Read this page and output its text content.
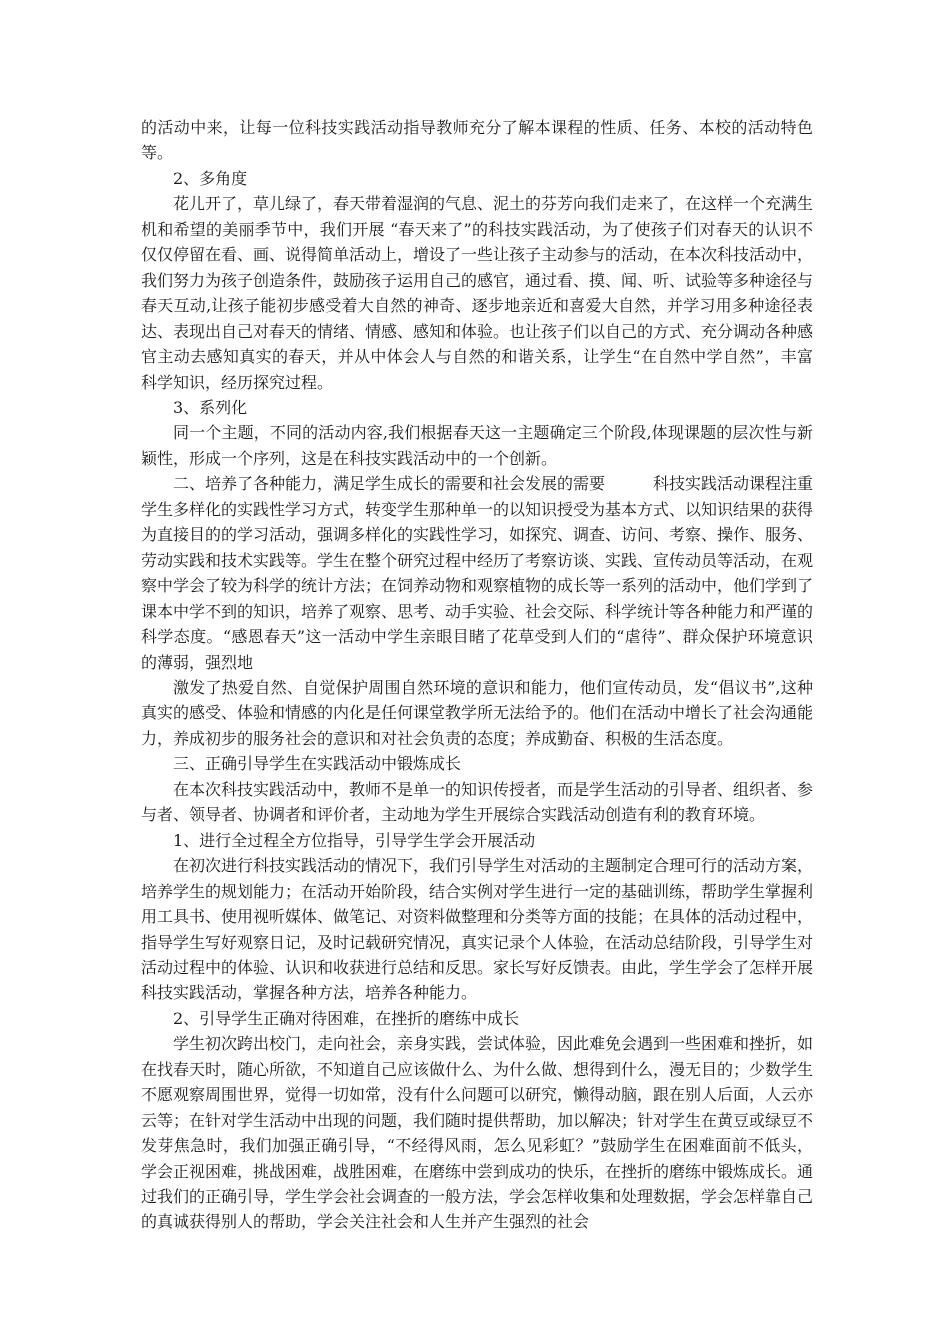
的活动中来，让每一位科技实践活动指导教师充分了解本课程的性质、任务、本校的活动特色等。

2、多角度

花儿开了，草儿绿了，春天带着湿润的气息、泥土的芬芳向我们走来了，在这样一个充满生机和希望的美丽季节中，我们开展 “春天来了”的科技实践活动，为了使孩子们对春天的认识不仅仅停留在看、画、说得简单活动上，增设了一些让孩子主动参与的活动，在本次科技活动中，我们努力为孩子创造条件，鼓励孩子运用自己的感官，通过看、摸、闻、听、试验等多种途径与春天互动,让孩子能初步感受着大自然的神奇、逐步地亲近和喜爱大自然，并学习用多种途径表达、表现出自己对春天的情绪、情感、感知和体验。也让孩子们以自己的方式、充分调动各种感官主动去感知真实的春天，并从中体会人与自然的和谐关系，让学生“在自然中学自然”，丰富科学知识，经历探究过程。

3、系列化

同一个主题，不同的活动内容,我们根据春天这一主题确定三个阶段,体现课题的层次性与新颖性，形成一个序列，这是在科技实践活动中的一个创新。

二、培养了各种能力，满足学生成长的需要和社会发展的需要　　　科技实践活动课程注重学生多样化的实践性学习方式，转变学生那种单一的以知识授受为基本方式、以知识结果的获得为直接目的的学习活动，强调多样化的实践性学习，如探究、调查、访问、考察、操作、服务、劳动实践和技术实践等。学生在整个研究过程中经历了考察访谈、实践、宣传动员等活动，在观察中学会了较为科学的统计方法；在饲养动物和观察植物的成长等一系列的活动中，他们学到了课本中学不到的知识，培养了观察、思考、动手实验、社会交际、科学统计等各种能力和严谨的科学态度。“感恩春天”这一活动中学生亲眼目睹了花草受到人们的“虐待”、群众保护环境意识的薄弱，强烈地

激发了热爱自然、自觉保护周围自然环境的意识和能力，他们宣传动员，发“倡议书”,这种真实的感受、体验和情感的内化是任何课堂教学所无法给予的。他们在活动中增长了社会沟通能力，养成初步的服务社会的意识和对社会负责的态度；养成勤奋、积极的生活态度。

三、正确引导学生在实践活动中锻炼成长

在本次科技实践活动中，教师不是单一的知识传授者，而是学生活动的引导者、组织者、参与者、领导者、协调者和评价者，主动地为学生开展综合实践活动创造有利的教育环境。

1、进行全过程全方位指导，引导学生学会开展活动

在初次进行科技实践活动的情况下，我们引导学生对活动的主题制定合理可行的活动方案，培养学生的规划能力；在活动开始阶段，结合实例对学生进行一定的基础训练，帮助学生掌握利用工具书、使用视听媒体、做笔记、对资料做整理和分类等方面的技能；在具体的活动过程中，指导学生写好观察日记，及时记载研究情况，真实记录个人体验，在活动总结阶段，引导学生对活动过程中的体验、认识和收获进行总结和反思。家长写好反馈表。由此，学生学会了怎样开展科技实践活动，掌握各种方法，培养各种能力。

2、引导学生正确对待困难，在挫折的磨练中成长

学生初次跨出校门，走向社会，亲身实践，尝试体验，因此难免会遇到一些困难和挫折，如在找春天时，随心所欲，不知道自己应该做什么、为什么做、想得到什么，漫无目的；少数学生不愿观察周围世界，觉得一切如常，没有什么问题可以研究，懒得动脑，跟在别人后面，人云亦云等；在针对学生活动中出现的问题，我们随时提供帮助，加以解决；针对学生在黄豆或绿豆不发芽焦急时，我们加强正确引导，“不经得风雨，怎么见彩虹？”鼓励学生在困难面前不低头，学会正视困难，挑战困难，战胜困难，在磨练中尝到成功的快乐，在挫折的磨练中锻炼成长。通过我们的正确引导，学生学会社会调查的一般方法，学会怎样收集和处理数据，学会怎样靠自己的真诚获得别人的帮助，学会关注社会和人生并产生强烈的社会
